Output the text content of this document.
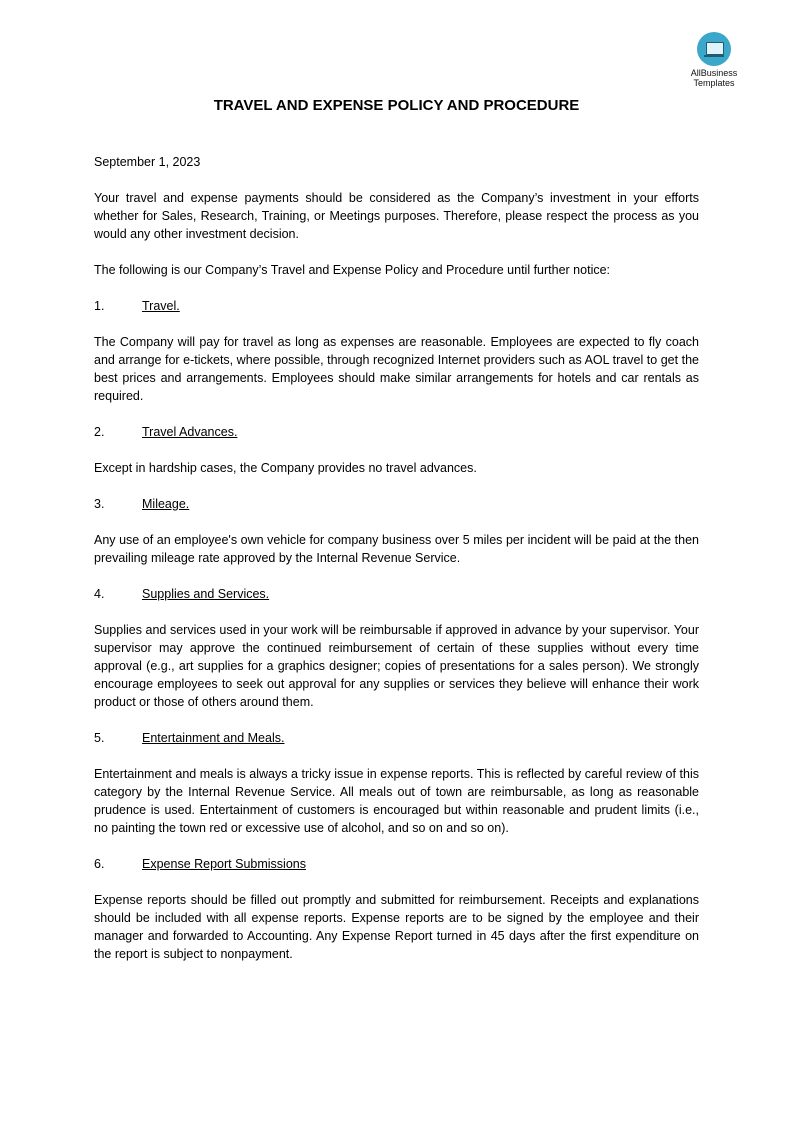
AllBusiness
Templates
TRAVEL AND EXPENSE POLICY AND PROCEDURE

September 1, 2023

Your travel and expense payments should be considered as the Company’s investment in your efforts whether for Sales, Research, Training, or Meetings purposes. Therefore, please respect the process as you would any other investment decision.

The following is our Company’s Travel and Expense Policy and Procedure until further notice:

1.	Travel.

The Company will pay for travel as long as expenses are reasonable. Employees are expected to fly coach and arrange for e-tickets, where possible, through recognized Internet providers such as AOL travel to get the best prices and arrangements. Employees should make similar arrangements for hotels and car rentals as required.

2.	Travel Advances.

Except in hardship cases, the Company provides no travel advances.

3.	Mileage.

Any use of an employee's own vehicle for company business over 5 miles per incident will be paid at the then prevailing mileage rate approved by the Internal Revenue Service.

4.	Supplies and Services.

Supplies and services used in your work will be reimbursable if approved in advance by your supervisor. Your supervisor may approve the continued reimbursement of certain of these supplies without every time approval (e.g., art supplies for a graphics designer; copies of presentations for a sales person). We strongly encourage employees to seek out approval for any supplies or services they believe will enhance their work product or those of others around them.

5.	Entertainment and Meals.

Entertainment and meals is always a tricky issue in expense reports. This is reflected by careful review of this category by the Internal Revenue Service. All meals out of town are reimbursable, as long as reasonable prudence is used. Entertainment of customers is encouraged but within reasonable and prudent limits (i.e., no painting the town red or excessive use of alcohol, and so on and so on).

6.	Expense Report Submissions

Expense reports should be filled out promptly and submitted for reimbursement. Receipts and explanations should be included with all expense reports. Expense reports are to be signed by the employee and their manager and forwarded to Accounting. Any Expense Report turned in 45 days after the first expenditure on the report is subject to nonpayment.
